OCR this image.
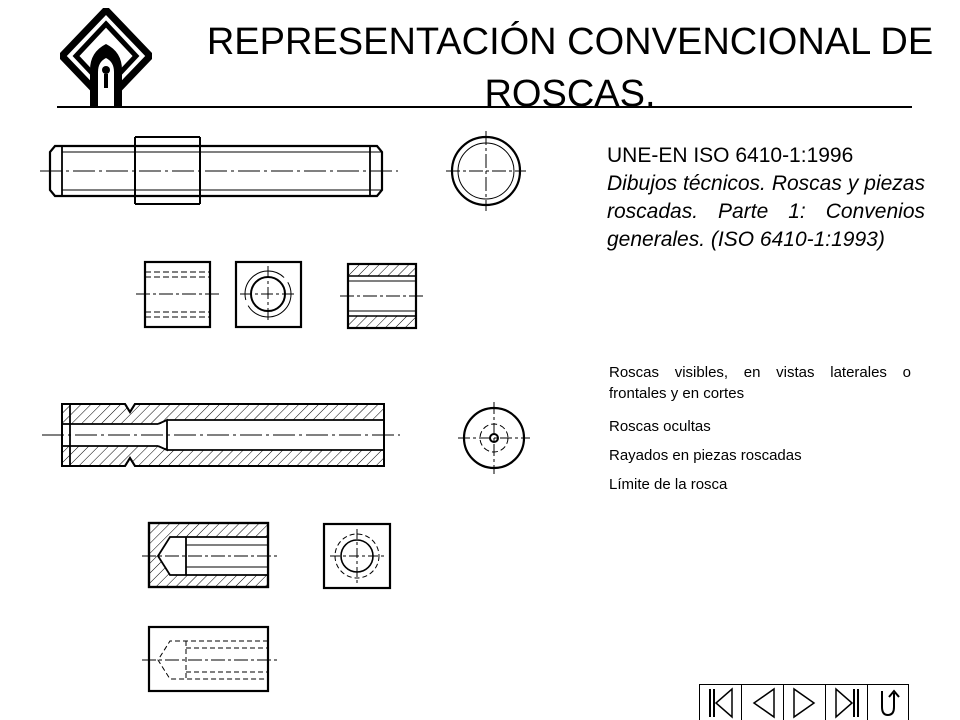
REPRESENTACIÓN CONVENCIONAL DE
ROSCAS.
UNE-EN ISO 6410-1:1996
Dibujos técnicos. Roscas y piezas roscadas. Parte 1: Convenios generales. (ISO 6410-1:1993)
Roscas visibles, en vistas laterales o frontales y en cortes
Roscas ocultas
Rayados en piezas roscadas
Límite de la rosca
